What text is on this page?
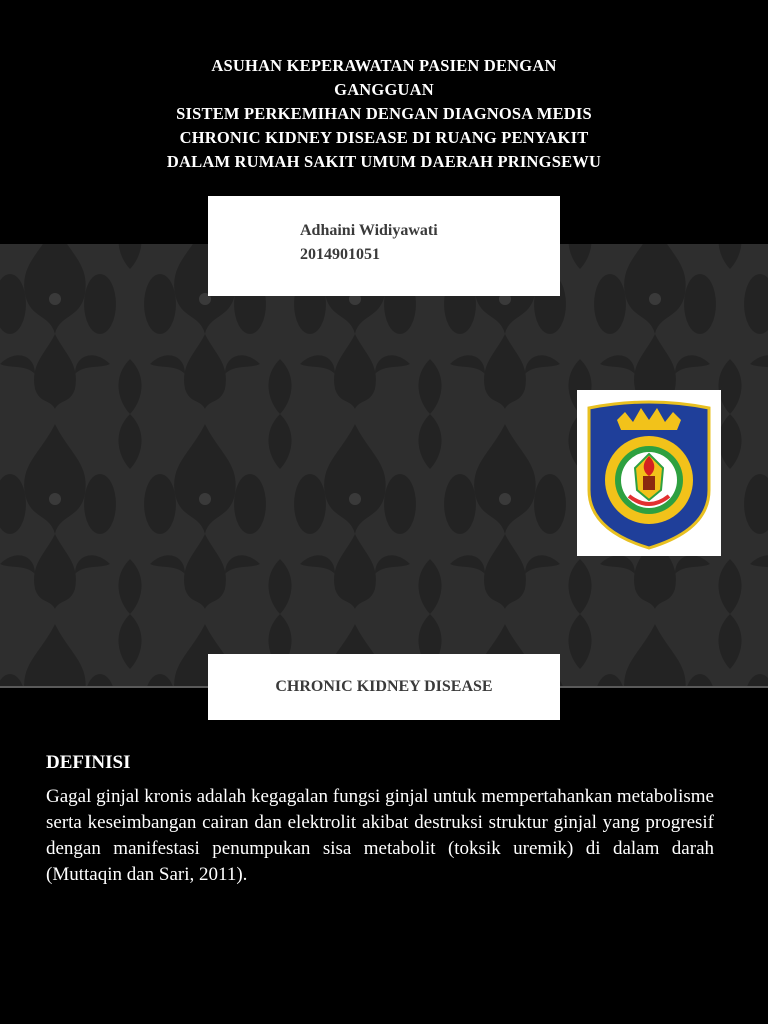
ASUHAN KEPERAWATAN PASIEN DENGAN
GANGGUAN
SISTEM PERKEMIHAN DENGAN DIAGNOSA MEDIS
CHRONIC KIDNEY DISEASE DI RUANG PENYAKIT
DALAM RUMAH SAKIT UMUM DAERAH PRINGSEWU
Adhaini Widiyawati
2014901051
CHRONIC KIDNEY DISEASE
DEFINISI
Gagal ginjal kronis adalah kegagalan fungsi ginjal untuk mempertahankan metabolisme serta keseimbangan cairan dan elektrolit akibat destruksi struktur ginjal yang progresif dengan manifestasi penumpukan sisa metabolit (toksik uremik) di dalam darah (Muttaqin dan Sari, 2011).
